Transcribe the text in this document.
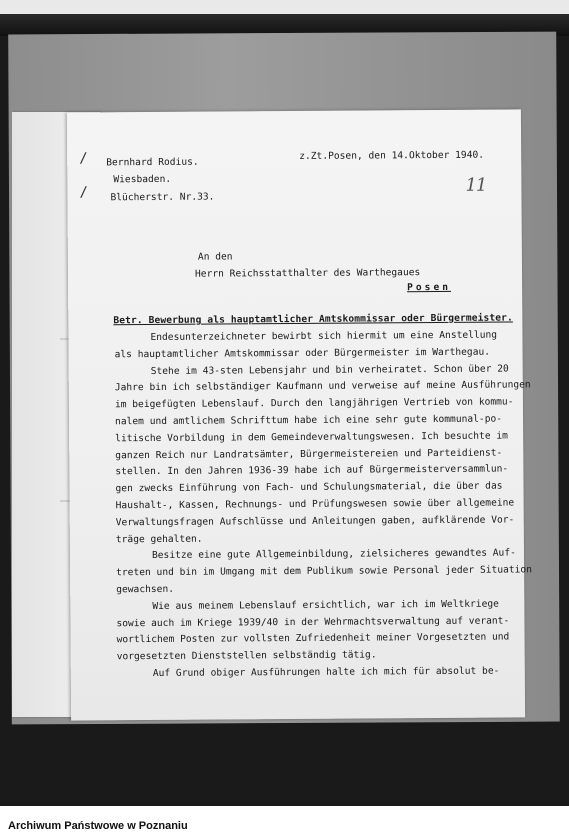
/
/
Bernhard Rodius.
z.Zt.Posen, den 14.Oktober 1940.
Wiesbaden.
Blücherstr. Nr.33.
11
An den
Herrn Reichsstatthalter des Warthegaues
Posen
Betr. Bewerbung als hauptamtlicher Amtskommissar oder Bürgermeister.
Endesunterzeichneter bewirbt sich hiermit um eine Anstellung
als hauptamtlicher Amtskommissar oder Bürgermeister im Warthegau.
Stehe im 43-sten Lebensjahr und bin verheiratet. Schon über 20
Jahre bin ich selbständiger Kaufmann und verweise auf meine Ausführungen
im beigefügten Lebenslauf. Durch den langjährigen Vertrieb von kommu-
nalem und amtlichem Schrifttum habe ich eine sehr gute kommunal-po-
litische Vorbildung in dem Gemeindeverwaltungswesen. Ich besuchte im
ganzen Reich nur Landratsämter, Bürgermeistereien und Parteidienst-
stellen. In den Jahren 1936-39 habe ich auf Bürgermeisterversammlun-
gen zwecks Einführung von Fach- und Schulungsmaterial, die über das
Haushalt-, Kassen, Rechnungs- und Prüfungswesen sowie über allgemeine
Verwaltungsfragen Aufschlüsse und Anleitungen gaben, aufklärende Vor-
träge gehalten.
Besitze eine gute Allgemeinbildung, zielsicheres gewandtes Auf-
treten und bin im Umgang mit dem Publikum sowie Personal jeder Situation
gewachsen.
Wie aus meinem Lebenslauf ersichtlich, war ich im Weltkriege
sowie auch im Kriege 1939/40 in der Wehrmachtsverwaltung auf verant-
wortlichem Posten zur vollsten Zufriedenheit meiner Vorgesetzten und
vorgesetzten Dienststellen selbständig tätig.
Auf Grund obiger Ausführungen halte ich mich für absolut be-
Archiwum Państwowe w Poznaniu
